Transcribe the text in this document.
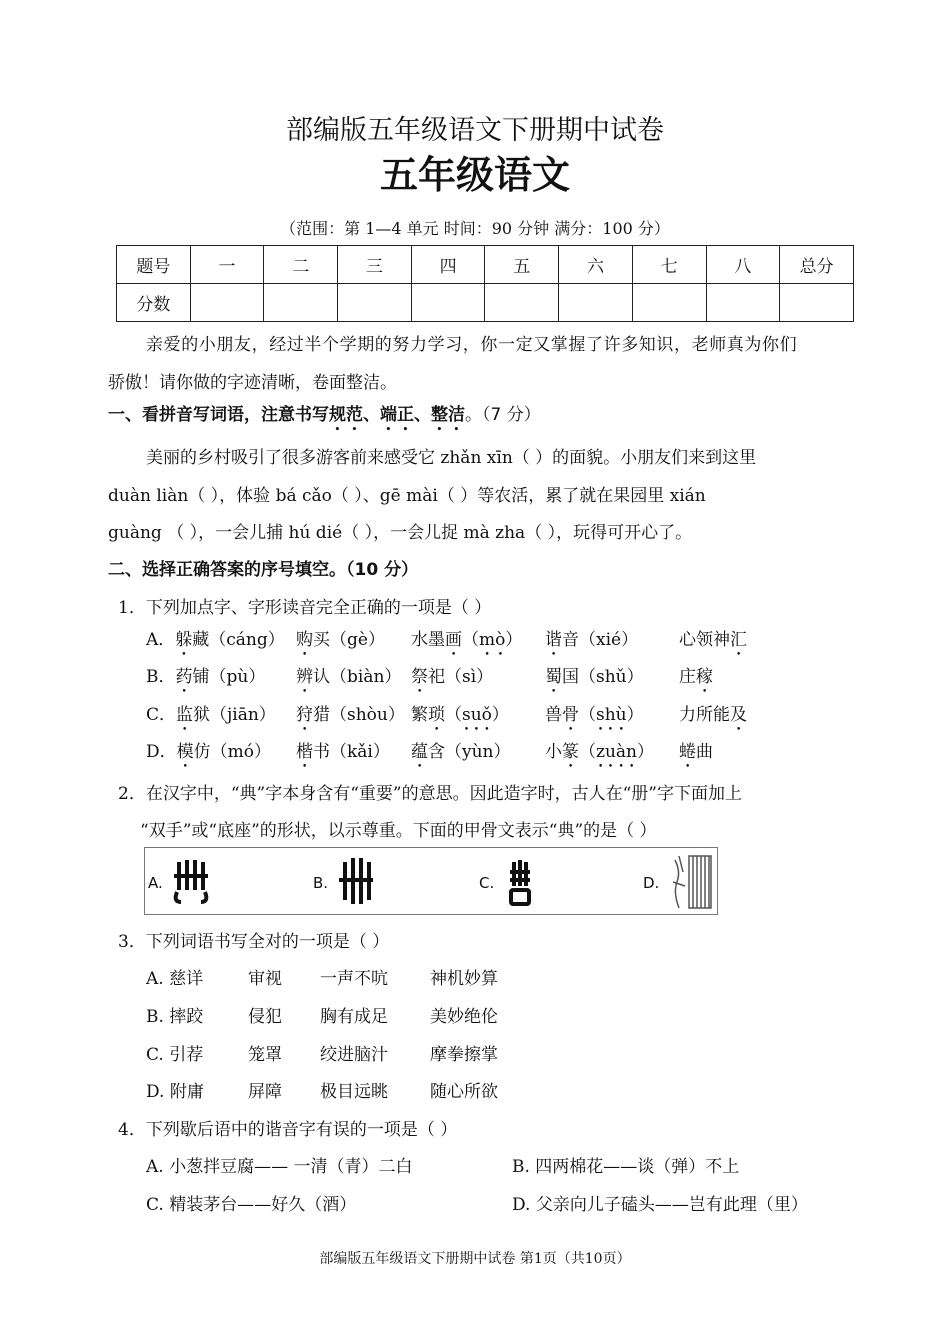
部编版五年级语文下册期中试卷
五年级语文
（范围：第 1—4 单元 时间：90 分钟 满分：100 分）
题号	一	二	三	四	五	六	七	八	总分
分数									
亲爱的小朋友，经过半个学期的努力学习，你一定又掌握了许多知识，老师真为你们
骄傲！请你做的字迹清晰，卷面整洁。
一、看拼音写词语，注意书写规范、端正、整洁。（7 分）
美丽的乡村吸引了很多游客前来感受它 zhǎn xīn（ ）的面貌。小朋友们来到这里
duàn liàn（ ），体验 bá cǎo（ ）、gē mài（ ）等农活，累了就在果园里 xián
guàng （ ），一会儿捕 hú dié（ ），一会儿捉 mà zha（ ），玩得可开心了。
二、选择正确答案的序号填空。（10 分）
1．下列加点字、字形读音完全正确的一项是（ ）
A．躲藏（cáng） 购买（gè） 水墨画（mò） 谐音（xié） 心领神汇
B．药铺（pù） 辨认（biàn） 祭祀（sì）	蜀国（shǔ） 庄稼
C．监狱（jiān） 狩猎（shòu） 繁琐（suǒ） 兽骨（shù） 力所能及
D．模仿（mó） 楷书（kǎi） 蕴含（yùn） 小篆（zuàn） 蜷曲
2．在汉字中，“典”字本身含有“重要”的意思。因此造字时，古人在“册”字下面加上
“双手”或“底座”的形状，以示尊重。下面的甲骨文表示“典”的是（ ）
A.	B.	C.	D.
3．下列词语书写全对的一项是（ ）
A. 慈详	审视 一声不吭 神机妙算
B. 摔跤	侵犯 胸有成足 美妙绝伦
C. 引荐	笼罩 绞进脑汁 摩拳擦掌
D. 附庸	屏障 极目远眺 随心所欲
4．下列歇后语中的谐音字有误的一项是（ ）
A. 小葱拌豆腐—— 一清（青）二白	B. 四两棉花——谈（弹）不上
C. 精装茅台——好久（酒）	D. 父亲向儿子磕头——岂有此理（里）
部编版五年级语文下册期中试卷 第1页（共10页）
